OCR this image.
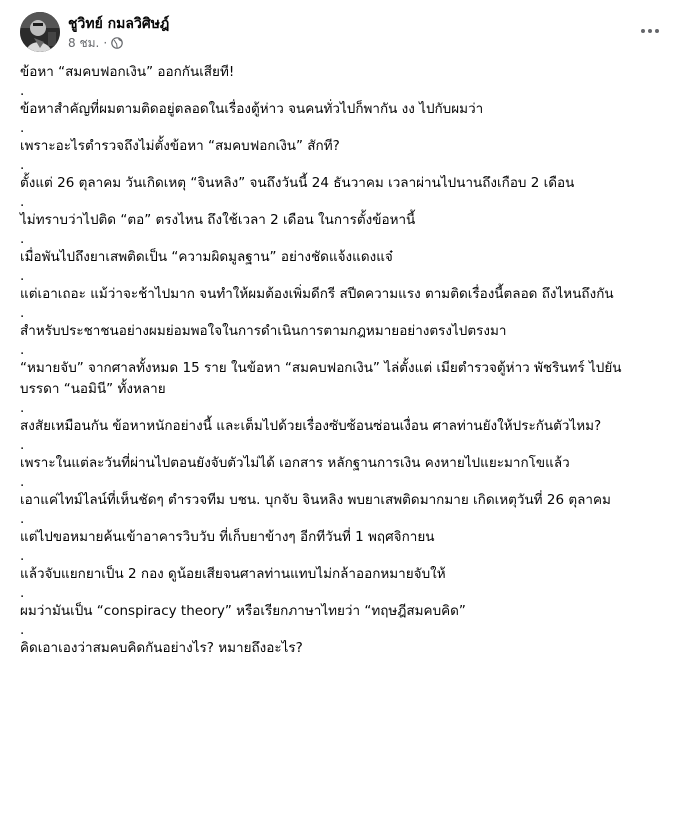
ชูวิทย์ กมลวิศิษฎ์
8 ชม. ·

ข้อหา “สมคบฟอกเงิน” ออกกันเสียที!

.

ข้อหาสำคัญที่ผมตามติดอยู่ตลอดในเรื่องตู้ห่าว จนคนทั่วไปก็พากัน งง ไปกับผมว่า

.

เพราะอะไรตำรวจถึงไม่ตั้งข้อหา “สมคบฟอกเงิน” สักที?

.

ตั้งแต่ 26 ตุลาคม วันเกิดเหตุ “จินหลิง” จนถึงวันนี้ 24 ธันวาคม เวลาผ่านไปนานถึงเกือบ 2 เดือน

.

ไม่ทราบว่าไปติด “ตอ” ตรงไหน ถึงใช้เวลา 2 เดือน ในการตั้งข้อหานี้

.

เมื่อพันไปถึงยาเสพติดเป็น “ความผิดมูลฐาน” อย่างชัดแจ้งแดงแจ๋

.

แต่เอาเถอะ แม้ว่าจะช้าไปมาก จนทำให้ผมต้องเพิ่มดีกรี สปีดความแรง ตามติดเรื่องนี้ตลอด ถึงไหนถึงกัน

.

สำหรับประชาชนอย่างผมย่อมพอใจในการดำเนินการตามกฎหมายอย่างตรงไปตรงมา

.

“หมายจับ” จากศาลทั้งหมด 15 ราย ในข้อหา “สมคบฟอกเงิน” ไล่ตั้งแต่ เมียตำรวจตู้ห่าว พัชรินทร์ ไปยัน บรรดา “นอมินี” ทั้งหลาย

.

สงสัยเหมือนกัน ข้อหาหนักอย่างนี้ และเต็มไปด้วยเรื่องซับซ้อนซ่อนเงื่อน ศาลท่านยังให้ประกันตัวไหม?

.

เพราะในแต่ละวันที่ผ่านไปตอนยังจับตัวไม่ได้ เอกสาร หลักฐานการเงิน คงหายไปแยะมากโขแล้ว

.

เอาแค่ไทม์ไลน์ที่เห็นชัดๆ ตำรวจทีม บชน. บุกจับ จินหลิง พบยาเสพติดมากมาย เกิดเหตุวันที่ 26 ตุลาคม

.

แต่ไปขอหมายค้นเข้าอาคารวิบวับ ที่เก็บยาข้างๆ อีกทีวันที่ 1 พฤศจิกายน

.

แล้วจับแยกยาเป็น 2 กอง ดูน้อยเสียจนศาลท่านแทบไม่กล้าออกหมายจับให้

.

ผมว่ามันเป็น “conspiracy theory” หรือเรียกภาษาไทยว่า “ทฤษฎีสมคบคิด”

.

คิดเอาเองว่าสมคบคิดกันอย่างไร? หมายถึงอะไร?
